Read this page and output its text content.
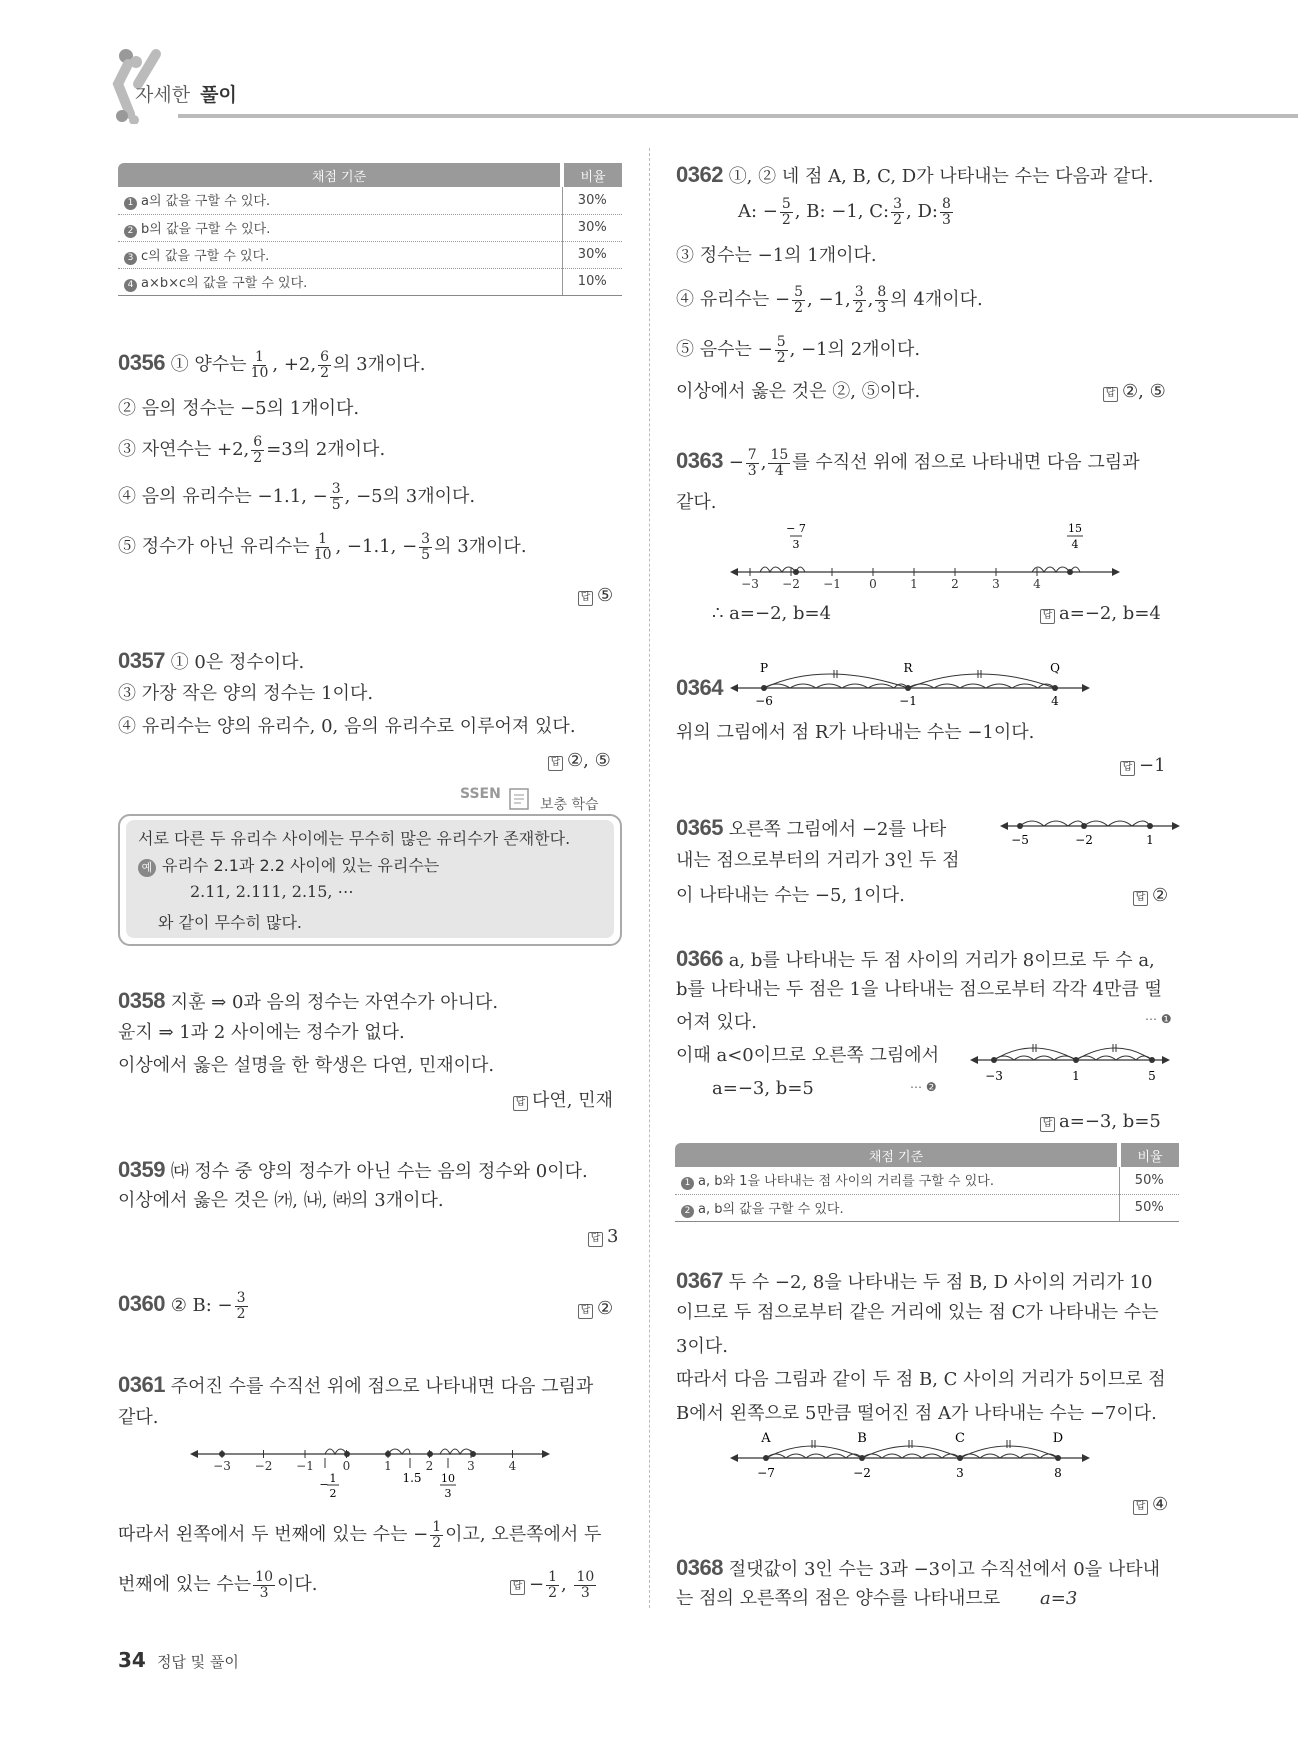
자세한 풀이
채점 기준	비율
1 a의 값을 구할 수 있다.	30%
2 b의 값을 구할 수 있다.	30%
3 c의 값을 구할 수 있다.	30%
4 a×b×c의 값을 구할 수 있다.	10%
0356 ① 양수는 $\frac{1}{10}$ , +2, $\frac{6}{2}$ 의 3개이다.
② 음의 정수는 −5의 1개이다.
③ 자연수는 +2, $\frac{6}{2} =3$의 2개이다.
④ 음의 유리수는 −1.1, − $\frac{3}{5}$ , −5의 3개이다.
⑤ 정수가 아닌 유리수는 $\frac{1}{10}$ , −1.1, − $\frac{3}{5}$ 의 3개이다.
답 ⑤
0357 ① 0은 정수이다.
③ 가장 작은 양의 정수는 1이다.
④ 유리수는 양의 유리수, 0, 음의 유리수로 이루어져 있다.
답 ②, ⑤
SSEN
보충 학습
서로 다른 두 유리수 사이에는 무수히 많은 유리수가 존재한다.
예 유리수 2.1과 2.2 사이에 있는 유리수는
2.11, 2.111, 2.15, ⋯
와 같이 무수히 많다.
0358 지훈 ⇒ 0과 음의 정수는 자연수가 아니다.
윤지 ⇒ 1과 2 사이에는 정수가 없다.
이상에서 옳은 설명을 한 학생은 다연, 민재이다.
답 다연, 민재
0359 ㈐ 정수 중 양의 정수가 아닌 수는 음의 정수와 0이다.
이상에서 옳은 것은 ㈎, ㈏, ㈑의 3개이다.
답 3
0360 ② B: − $\frac{3}{2}$	답 ②
0361 주어진 수를 수직선 위에 점으로 나타내면 다음 그림과
같다.
−3 −2 −1 0	1	2	3	4
1.5
− 1
2
10
3
따라서 왼쪽에서 두 번째에 있는 수는 − $\frac{1}{2}$ 이고, 오른쪽에서 두
번째에 있는 수는 $\frac{10}{3}$ 이다.	답 − $\frac{1}{2}$ , $\frac{10}{3}$
0362 ①, ② 네 점 A, B, C, D가 나타내는 수는 다음과 같다.
A: − $\frac{5}{2}$ , B: −1, C: $\frac{3}{2}$ , D: $\frac{8}{3}$
③ 정수는 −1의 1개이다.
④ 유리수는 − $\frac{5}{2}$ , −1, $\frac{3}{2}$ , $\frac{8}{3}$ 의 4개이다.
⑤ 음수는 − $\frac{5}{2}$ , −1의 2개이다.
이상에서 옳은 것은 ②, ⑤이다.	답 ②, ⑤
$0363 - \frac{7}{3}$ , $\frac{15}{4}$ 를 수직선 위에 점으로 나타내면 다음 그림과
같다.
−3 −2 −1 0	1	2	3	4
− 7
3
15
4
∴ a=−2, b=4	답 a=−2, b=4
0364
P	R	Q
−6	−1	4
위의 그림에서 점 R가 나타내는 수는 −1이다.
답 −1
0365 오른쪽 그림에서 −2를 나타
내는 점으로부터의 거리가 3인 두 점
이 나타내는 수는 −5, 1이다.
−5	−2	1
답 ②
0366 a, b를 나타내는 두 점 사이의 거리가 8이므로 두 수 a,
b를 나타내는 두 점은 1을 나타내는 점으로부터 각각 4만큼 떨
어져 있다.	⋯ ❶
이때 a<0이므로 오른쪽 그림에서
a=−3, b=5	⋯ ❷
−3	1	5
답 a=−3, b=5
채점 기준	비율
1 a, b와 1을 나타내는 점 사이의 거리를 구할 수 있다.	50%
2 a, b의 값을 구할 수 있다.	50%
0367 두 수 −2, 8을 나타내는 두 점 B, D 사이의 거리가 10
이므로 두 점으로부터 같은 거리에 있는 점 C가 나타내는 수는
3이다.
따라서 다음 그림과 같이 두 점 B, C 사이의 거리가 5이므로 점
B에서 왼쪽으로 5만큼 떨어진 점 A가 나타내는 수는 −7이다.
A	B	C	D
−7	−2	3	8
답 ④
0368 절댓값이 3인 수는 3과 −3이고 수직선에서 0을 나타내
는 점의 오른쪽의 점은 양수를 나타내므로 a=3
34 정답 및 풀이
